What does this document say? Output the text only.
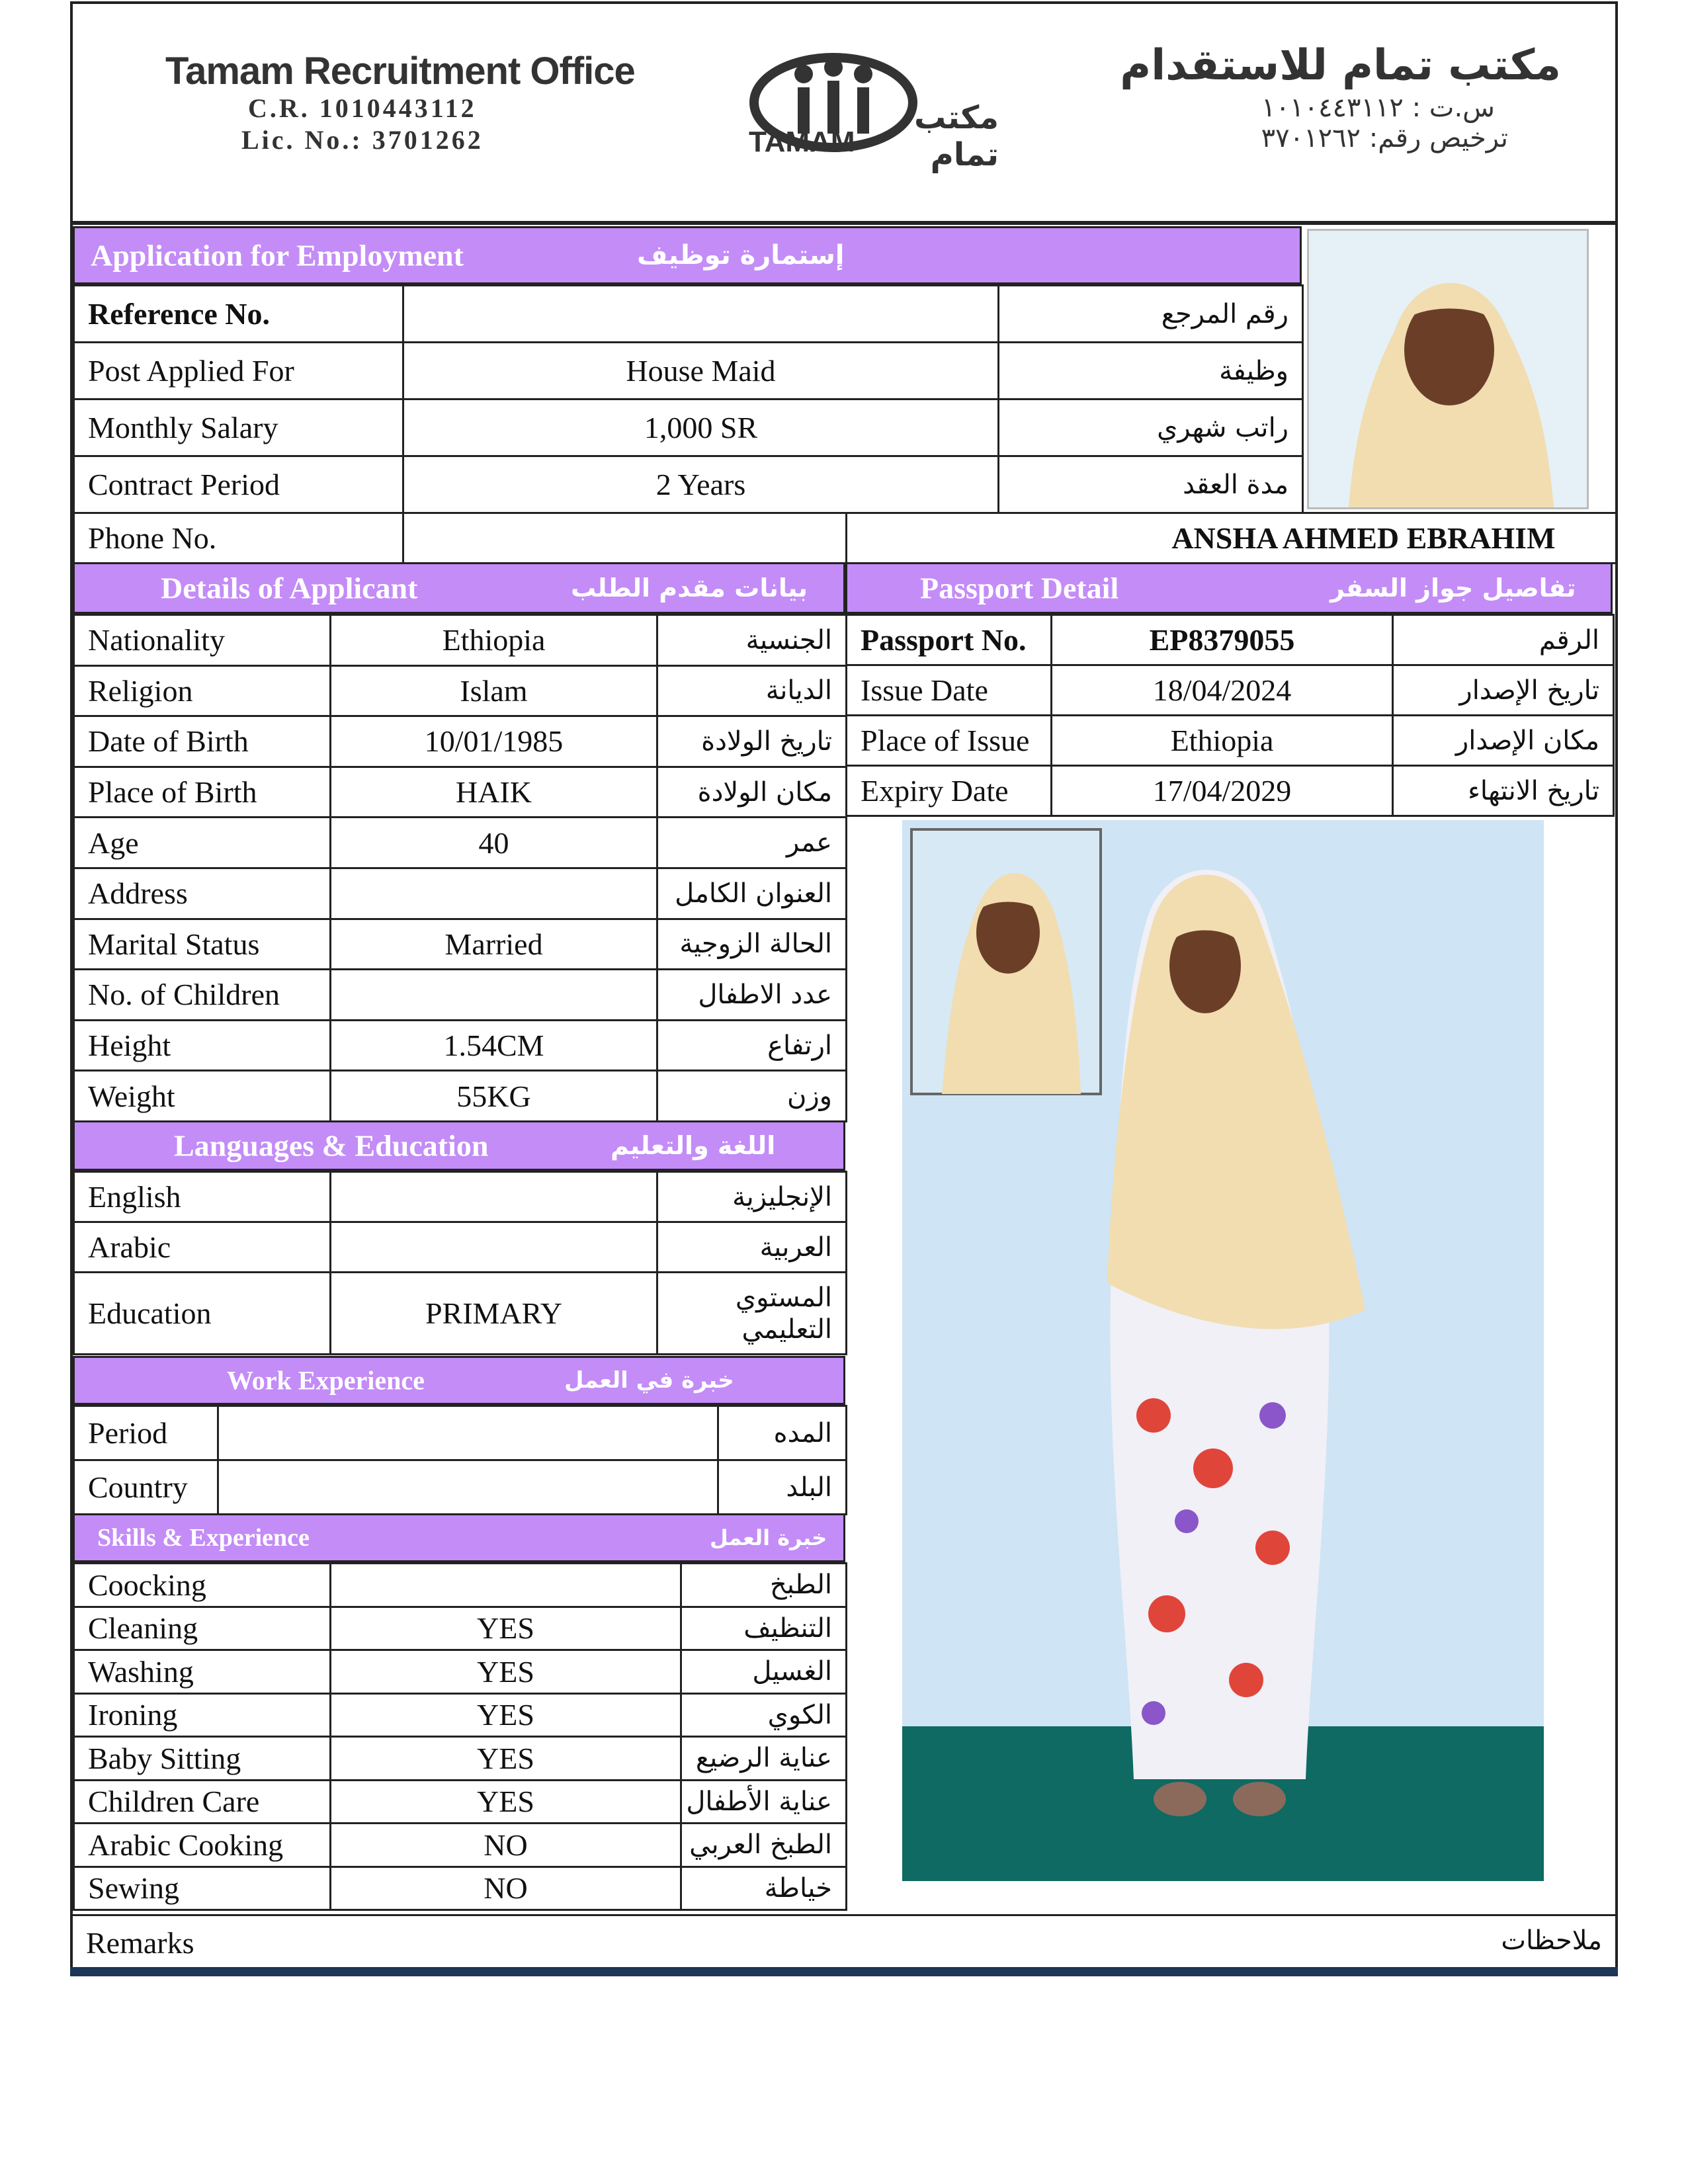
Tamam Recruitment Office
C.R. 1010443112
Lic. No.: 3701262	TAMAM
مكتب تمام
مكتب تمام للاستقدام
س.ت : ١٠١٠٤٤٣١١٢
ترخيص رقم: ٣٧٠١٢٦٢
Application for Employment	إستمارة توظيف
Reference No.		رقم المرجع
Post Applied For	House Maid	وظيفة
Monthly Salary	1,000 SR	راتب شهري
Contract Period	2 Years	مدة العقد
Phone No.		ANSHA AHMED EBRAHIM
Details of Applicant	بيانات مقدم الطلب
Nationality	Ethiopia	الجنسية
Religion	Islam	الديانة
Date of Birth	10/01/1985	تاريخ الولادة
Place of Birth	HAIK	مكان الولادة
Age	40	عمر
Address		العنوان الكامل
Marital Status	Married	الحالة الزوجية
No. of Children		عدد الاطفال
Height	1.54CM	ارتفاع
Weight	55KG	وزن
Languages & Education	اللغة والتعليم
English		الإنجليزية
Arabic		العربية
Education	PRIMARY	المستوي التعليمي
Work Experience	خبرة في العمل
Period		المده
Country		البلد
Skills & Experience	خبرة العمل
Coocking		الطبخ
Cleaning	YES	التنظيف
Washing	YES	الغسيل
Ironing	YES	الكوي
Baby Sitting	YES	عناية الرضيع
Children Care	YES	عناية الأطفال
Arabic Cooking	NO	الطبخ العربي
Sewing	NO	خياطة
Passport Detail	تفاصيل جواز السفر
Passport No.	EP8379055	الرقم
Issue Date	18/04/2024	تاريخ الإصدار
Place of Issue	Ethiopia	مكان الإصدار
Expiry Date	17/04/2029	تاريخ الانتهاء
Remarks	ملاحظات
